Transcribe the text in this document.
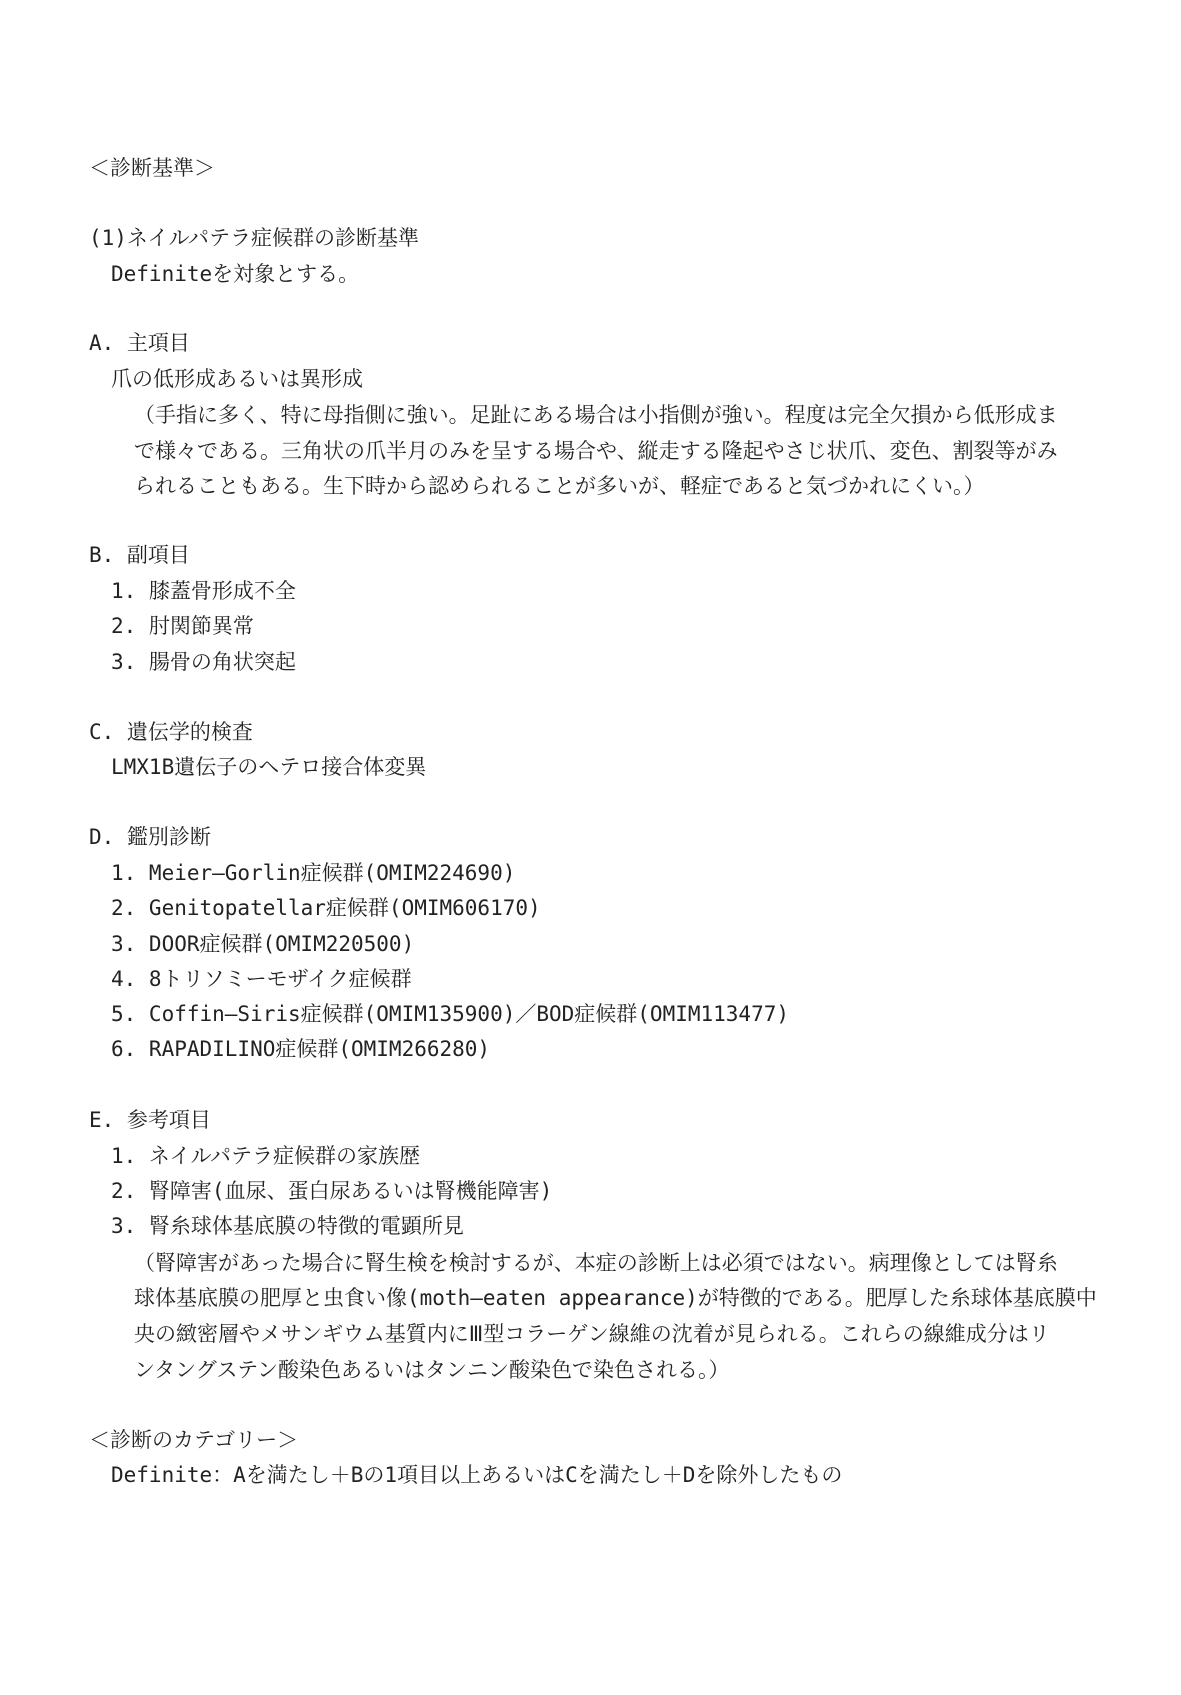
＜診断基準＞

(1)ネイルパテラ症候群の診断基準

Definiteを対象とする。

A. 主項目

爪の低形成あるいは異形成

（手指に多く、特に母指側に強い。足趾にある場合は小指側が強い。程度は完全欠損から低形成ま

で様々である。三角状の爪半月のみを呈する場合や、縦走する隆起やさじ状爪、変色、割裂等がみ

られることもある。生下時から認められることが多いが、軽症であると気づかれにくい。）

B. 副項目

1. 膝蓋骨形成不全

2. 肘関節異常

3. 腸骨の角状突起

C. 遺伝学的検査

LMX1B遺伝子のヘテロ接合体変異

D. 鑑別診断

1. Meier―Gorlin症候群(OMIM224690)

2. Genitopatellar症候群(OMIM606170)

3. DOOR症候群(OMIM220500)

4. 8トリソミーモザイク症候群

5. Coffin―Siris症候群(OMIM135900)／BOD症候群(OMIM113477)

6. RAPADILINO症候群(OMIM266280)

E. 参考項目

1. ネイルパテラ症候群の家族歴

2. 腎障害(血尿、蛋白尿あるいは腎機能障害)

3. 腎糸球体基底膜の特徴的電顕所見

（腎障害があった場合に腎生検を検討するが、本症の診断上は必須ではない。病理像としては腎糸

球体基底膜の肥厚と虫食い像(moth―eaten appearance)が特徴的である。肥厚した糸球体基底膜中

央の緻密層やメサンギウム基質内にⅢ型コラーゲン線維の沈着が見られる。これらの線維成分はリ

ンタングステン酸染色あるいはタンニン酸染色で染色される。）

＜診断のカテゴリー＞

Definite：Aを満たし＋Bの1項目以上あるいはCを満たし＋Dを除外したもの
